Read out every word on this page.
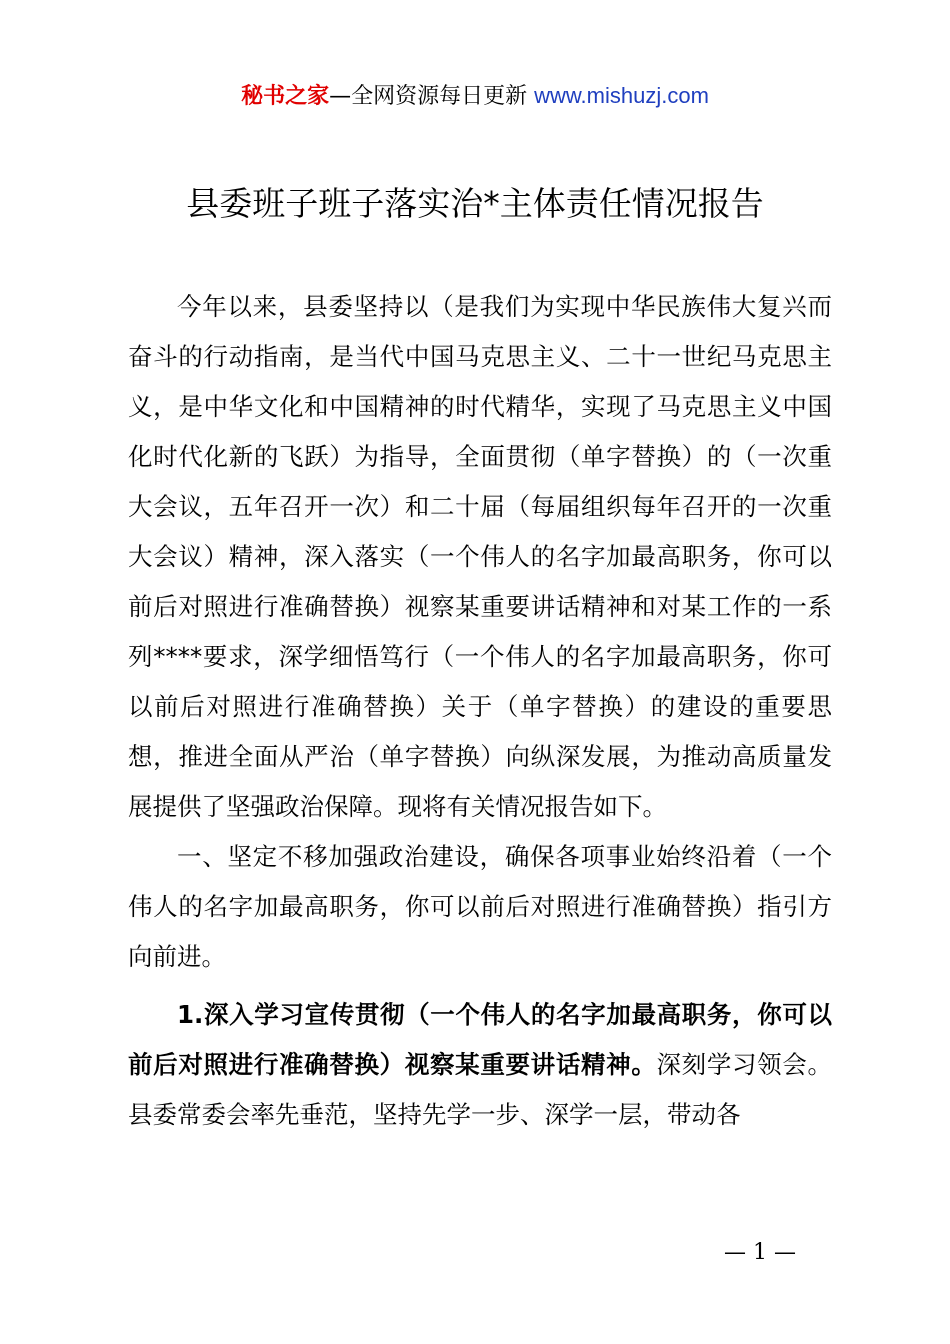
秘书之家—全网资源每日更新 www.mishuzj.com
县委班子班子落实治*主体责任情况报告

今年以来，县委坚持以（是我们为实现中华民族伟大复兴而奋斗的行动指南，是当代中国马克思主义、二十一世纪马克思主义，是中华文化和中国精神的时代精华，实现了马克思主义中国化时代化新的飞跃）为指导，全面贯彻（单字替换）的（一次重大会议，五年召开一次）和二十届（每届组织每年召开的一次重大会议）精神，深入落实（一个伟人的名字加最高职务，你可以前后对照进行准确替换）视察某重要讲话精神和对某工作的一系列****要求，深学细悟笃行（一个伟人的名字加最高职务，你可以前后对照进行准确替换）关于（单字替换）的建设的重要思想，推进全面从严治（单字替换）向纵深发展，为推动高质量发展提供了坚强政治保障。现将有关情况报告如下。

一、坚定不移加强政治建设，确保各项事业始终沿着（一个伟人的名字加最高职务，你可以前后对照进行准确替换）指引方向前进。

1.深入学习宣传贯彻（一个伟人的名字加最高职务，你可以前后对照进行准确替换）视察某重要讲话精神。深刻学习领会。县委常委会率先垂范，坚持先学一步、深学一层，带动各

— 1 —
